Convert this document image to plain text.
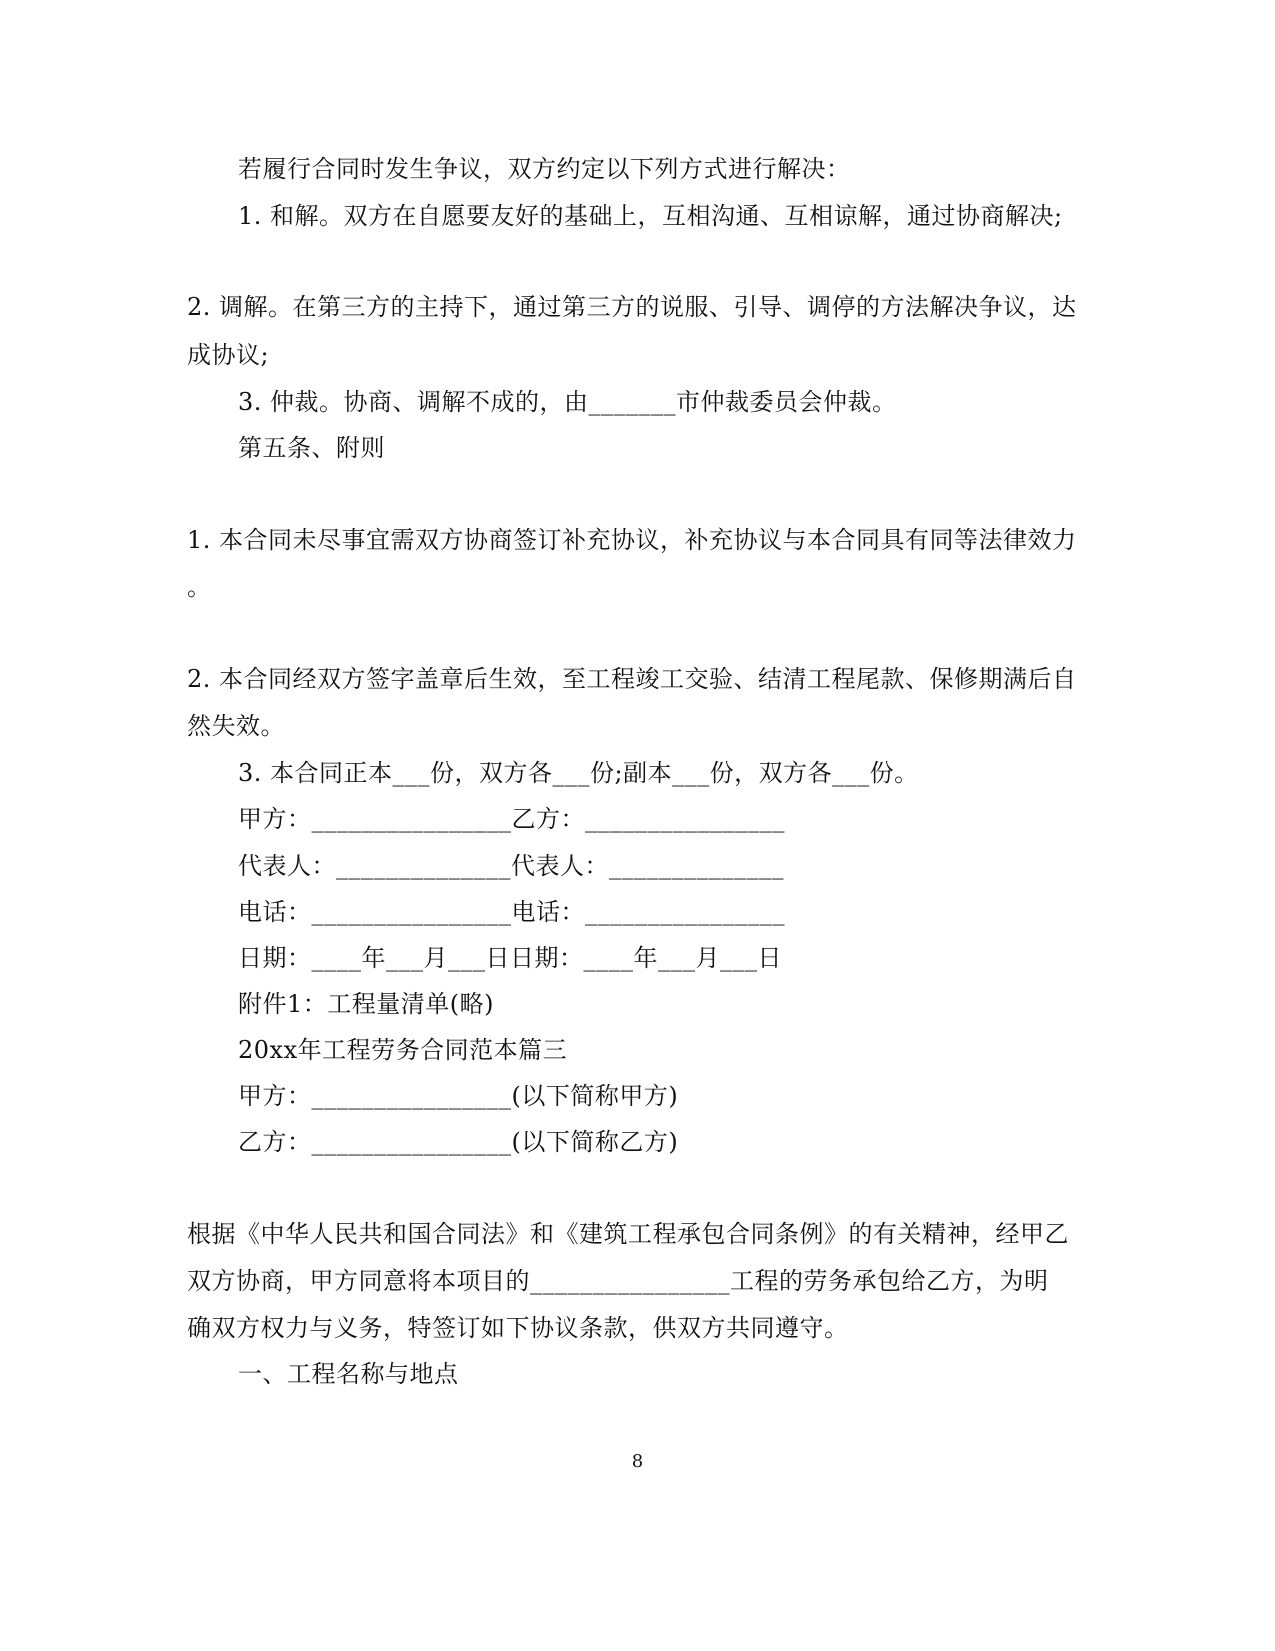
若履行合同时发生争议，双方约定以下列方式进行解决：
1. 和解。双方在自愿要友好的基础上，互相沟通、互相谅解，通过协商解决;
2. 调解。在第三方的主持下，通过第三方的说服、引导、调停的方法解决争议，达
成协议;
3. 仲裁。协商、调解不成的，由_______市仲裁委员会仲裁。
第五条、附则
1. 本合同未尽事宜需双方协商签订补充协议，补充协议与本合同具有同等法律效力
。
2. 本合同经双方签字盖章后生效，至工程竣工交验、结清工程尾款、保修期满后自
然失效。
3. 本合同正本___份，双方各___份;副本___份，双方各___份。
甲方：________________乙方：________________
代表人：______________代表人：______________
电话：________________电话：________________
日期：____年___月___日日期：____年___月___日
附件1：工程量清单(略)
20xx年工程劳务合同范本篇三
甲方：________________(以下简称甲方)
乙方：________________(以下简称乙方)
根据《中华人民共和国合同法》和《建筑工程承包合同条例》的有关精神，经甲乙
双方协商，甲方同意将本项目的________________工程的劳务承包给乙方，为明
确双方权力与义务，特签订如下协议条款，供双方共同遵守。
一、工程名称与地点
8
